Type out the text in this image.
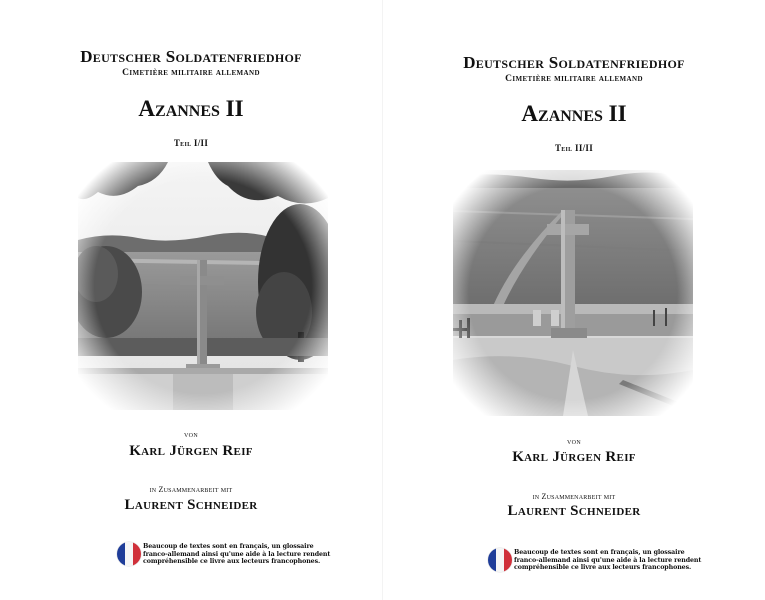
Deutscher Soldatenfriedhof
Cimetière militaire allemand
Azannes II
Teil I/II
von
Karl Jürgen Reif
in Zusammenarbeit mit
Laurent Schneider
Beaucoup de textes sont en français, un glossaire
franco-allemand ainsi qu'une aide à la lecture rendent
compréhensible ce livre aux lecteurs francophones.
Deutscher Soldatenfriedhof
Cimetière militaire allemand
Azannes II
Teil II/II
von
Karl Jürgen Reif
in Zusammenarbeit mit
Laurent Schneider
Beaucoup de textes sont en français, un glossaire
franco-allemand ainsi qu'une aide à la lecture rendent
compréhensible ce livre aux lecteurs francophones.
